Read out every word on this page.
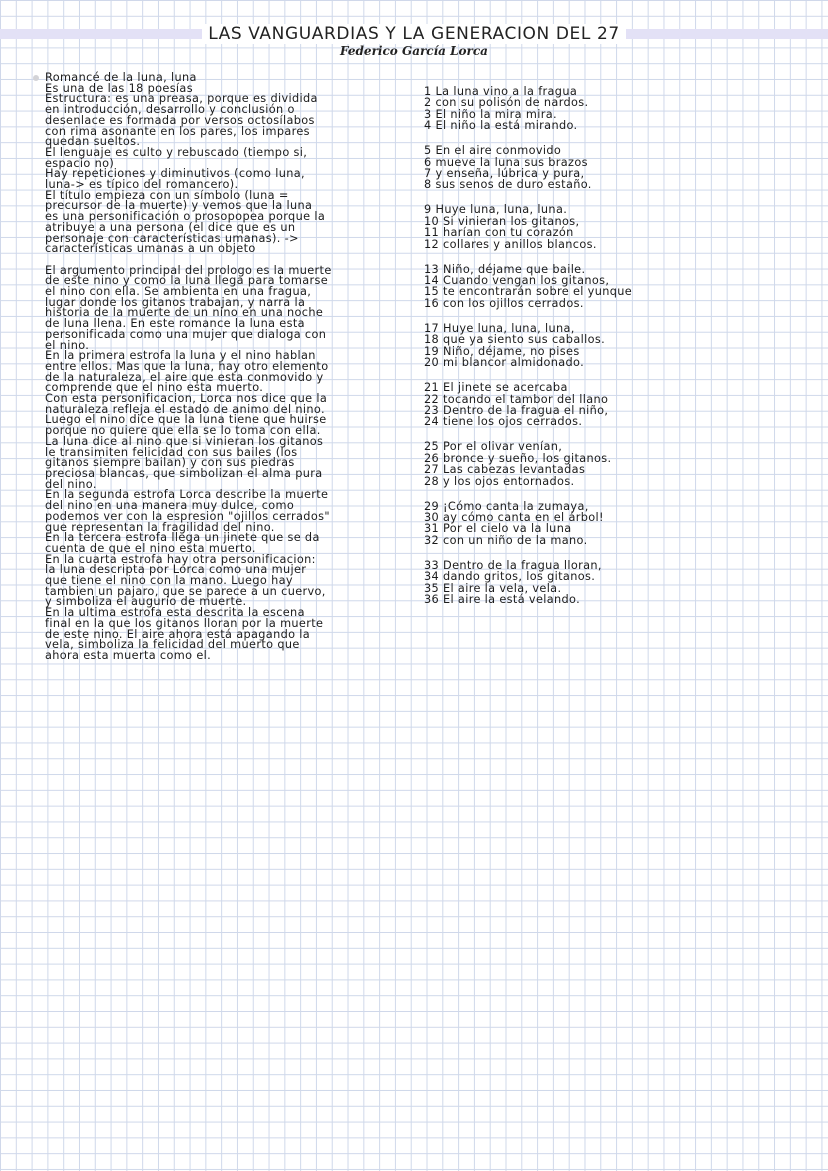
LAS VANGUARDIAS Y LA GENERACION DEL 27
Federico García Lorca
Romancé de la luna, luna
Es una de las 18 poesías
Estructura: es una preasa, porque es dividida
en introducción, desarrollo y conclusión o
desenlace es formada por versos octosílabos
con rima asonante en los pares, los impares
quedan sueltos.
El lenguaje es culto y rebuscado (tiempo si,
espacio no)
Hay repeticiones y diminutivos (como luna,
luna-> es típico del romancero).
El título empieza con un símbolo (luna =
precursor de la muerte) y vemos que la luna
es una personificación o prosopopea porque la
atribuye a una persona (el dice que es un
personaje con características umanas). ->
características umanas a un objeto
El argumento principal del prologo es la muerte
de este nino y como la luna llega para tomarse
el nino con ella. Se ambienta en una fragua,
lugar donde los gitanos trabajan, y narra la
historia de la muerte de un nino en una noche
de luna llena. En este romance la luna esta
personificada como una mujer que dialoga con
el nino.
En la primera estrofa la luna y el nino hablan
entre ellos. Mas que la luna, hay otro elemento
de la naturaleza, el aire que esta conmovido y
comprende que el nino esta muerto.
Con esta personificacion, Lorca nos dice que la
naturaleza refleja el estado de animo del nino.
Luego el nino dice que la luna tiene que huirse
porque no quiere que ella se lo toma con ella.
La luna dice al nino que si vinieran los gitanos
le transimiten felicidad con sus bailes (los
gitanos siempre bailan) y con sus piedras
preciosa blancas, que simbolizan el alma pura
del nino.
En la segunda estrofa Lorca describe la muerte
del nino en una manera muy dulce, como
podemos ver con la espresion "ojillos cerrados"
que representan la fragilidad del nino.
En la tercera estrofa llega un jinete que se da
cuenta de que el nino esta muerto.
En la cuarta estrofa hay otra personificacion:
la luna descripta por Lorca como una mujer
que tiene el nino con la mano. Luego hay
tambien un pajaro, que se parece a un cuervo,
y simboliza el augurio de muerte.
En la ultima estrofa esta descrita la escena
final en la que los gitanos lloran por la muerte
de este nino. El aire ahora está apagando la
vela, simboliza la felicidad del muerto que
ahora esta muerta como el.
1 La luna vino a la fragua
2 con su polisón de nardos.
3 El niño la mira mira.
4 El niño la está mirando.
5 En el aire conmovido
6 mueve la luna sus brazos
7 y enseña, lúbrica y pura,
8 sus senos de duro estaño.
9 Huye luna, luna, luna.
10 Si vinieran los gitanos,
11 harían con tu corazón
12 collares y anillos blancos.
13 Niño, déjame que baile.
14 Cuando vengan los gitanos,
15 te encontrarán sobre el yunque
16 con los ojillos cerrados.
17 Huye luna, luna, luna,
18 que ya siento sus caballos.
19 Niño, déjame, no pises
20 mi blancor almidonado.
21 El jinete se acercaba
22 tocando el tambor del llano
23 Dentro de la fragua el niño,
24 tiene los ojos cerrados.
25 Por el olivar venían,
26 bronce y sueño, los gitanos.
27 Las cabezas levantadas
28 y los ojos entornados.
29 ¡Cómo canta la zumaya,
30 ay cómo canta en el árbol!
31 Por el cielo va la luna
32 con un niño de la mano.
33 Dentro de la fragua lloran,
34 dando gritos, los gitanos.
35 El aire la vela, vela.
36 El aire la está velando.
